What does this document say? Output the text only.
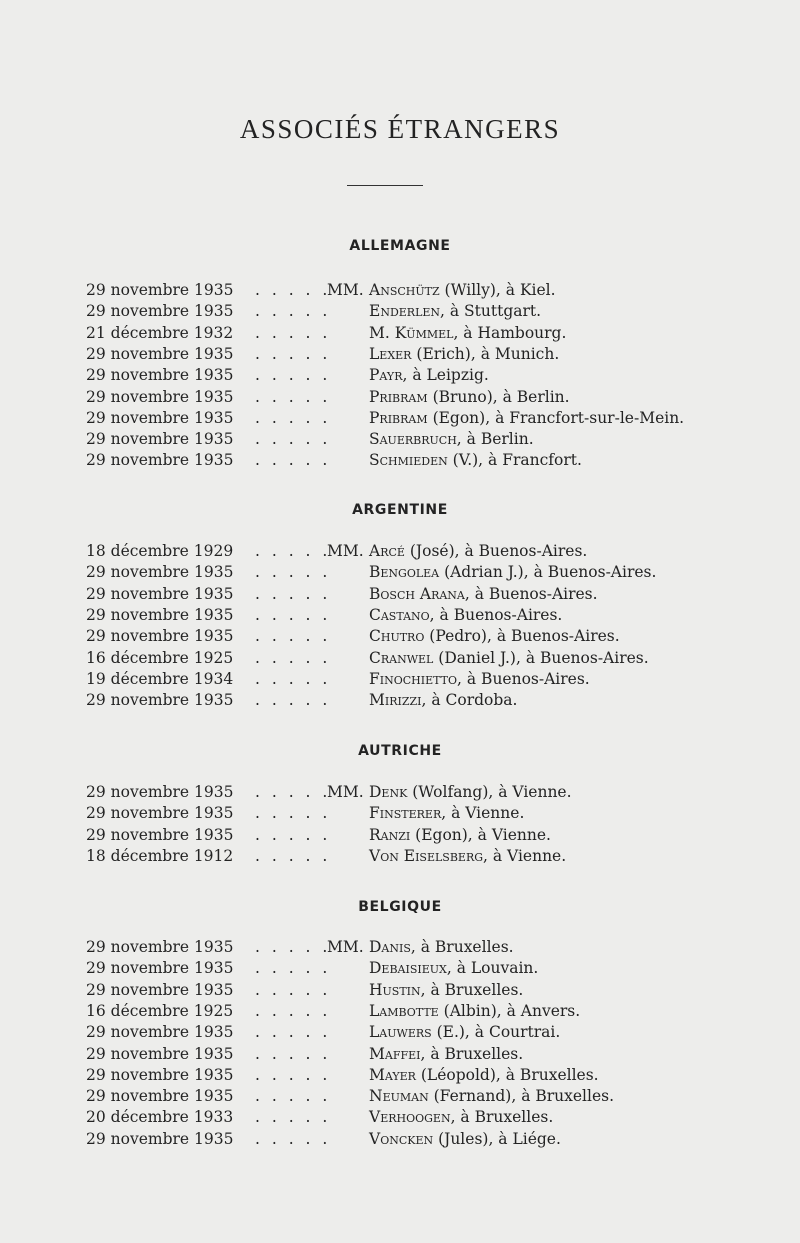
ASSOCIÉS ÉTRANGERS
ALLEMAGNE
29 novembre 1935 . . . . .
MM. Anschütz (Willy), à Kiel.
29 novembre 1935 . . . . . Enderlen, à Stuttgart.
21 décembre 1932 . . . . . M. Kümmel, à Hambourg.
29 novembre 1935 . . . . . Lexer (Erich), à Munich.
29 novembre 1935 . . . . . Payr, à Leipzig.
29 novembre 1935 . . . . . Pribram (Bruno), à Berlin.
29 novembre 1935 . . . . . Pribram (Egon), à Francfort-sur-le-Mein.
29 novembre 1935 . . . . . Sauerbruch, à Berlin.
29 novembre 1935 . . . . . Schmieden (V.), à Francfort.
ARGENTINE
18 décembre 1929 . . . . .
MM. Arcé (José), à Buenos-Aires.
29 novembre 1935 . . . . . Bengolea (Adrian J.), à Buenos-Aires.
29 novembre 1935 . . . . . Bosch Arana, à Buenos-Aires.
29 novembre 1935 . . . . . Castano, à Buenos-Aires.
29 novembre 1935 . . . . . Chutro (Pedro), à Buenos-Aires.
16 décembre 1925 . . . . . Cranwel (Daniel J.), à Buenos-Aires.
19 décembre 1934 . . . . . Finochietto, à Buenos-Aires.
29 novembre 1935 . . . . . Mirizzi, à Cordoba.
AUTRICHE
29 novembre 1935 . . . . .
MM. Denk (Wolfang), à Vienne.
29 novembre 1935 . . . . . Finsterer, à Vienne.
29 novembre 1935 . . . . . Ranzi (Egon), à Vienne.
18 décembre 1912 . . . . . Von Eiselsberg, à Vienne.
BELGIQUE
29 novembre 1935 . . . . .
MM. Danis, à Bruxelles.
29 novembre 1935 . . . . . Debaisieux, à Louvain.
29 novembre 1935 . . . . . Hustin, à Bruxelles.
16 décembre 1925 . . . . . Lambotte (Albin), à Anvers.
29 novembre 1935 . . . . . Lauwers (E.), à Courtrai.
29 novembre 1935 . . . . . Maffei, à Bruxelles.
29 novembre 1935 . . . . . Mayer (Léopold), à Bruxelles.
29 novembre 1935 . . . . . Neuman (Fernand), à Bruxelles.
20 décembre 1933 . . . . . Verhoogen, à Bruxelles.
29 novembre 1935 . . . . . Voncken (Jules), à Liége.
